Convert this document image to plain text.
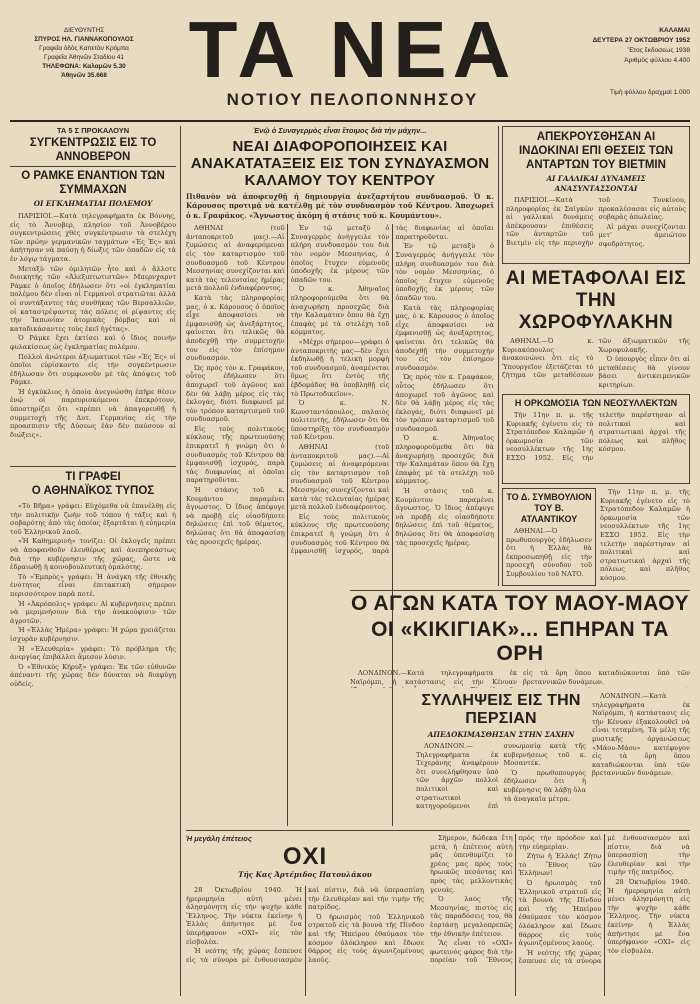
ΔΙΕΥΘΥΝΤΗΣ
ΣΠΥΡΟΣ ΗΛ. ΓΙΑΝΝΑΚΟΠΟΥΛΟΣ
Γραφεῖα ὁδὸς Καπετὰν Κρόμπα
Γραφεῖα Ἀθηνῶν Σταδίου 41
ΤΗΛΕΦΩΝΑ: Καλαμῶν 5.30
Ἀθηνῶν 35.668	ΤΑ ΝΕΑ
ΝΟΤΙΟΥ ΠΕΛΟΠΟΝΝΗΣΟΥ
ΚΑΛΑΜΑΙ
ΔΕΥΤΕΡΑ 27 ΟΚΤΩΒΡΙΟΥ 1952
Ἔτος ἔκδοσεως 1938
Ἀριθμὸς φύλλου 4.400
Τιμὴ φύλλου δραχμαὶ 1.000
ΤΑ 5 Σ ΠΡΟΚΑΛΟΥΝ
ΣΥΓΚΕΝΤΡΩΣΙΣ ΕΙΣ ΤΟ ΑΝΝΟΒΕΡΟΝ
Ο ΡΑΜΚΕ ΕΝΑΝΤΙΟΝ ΤΩΝ ΣΥΜΜΑΧΩΝ
ΟΙ ΕΓΚΛΗΜΑΤΙΑΙ ΠΟΛΕΜΟΥ

ΠΑΡΙΣΙΟΙ.—Κατὰ τηλεγραφήματα ἐκ Βόννης, εἰς τὸ Ἄννοβερ, πλησίον τοῦ Ἀννοβέρου συγκεντρώσεις χθὲς συγκέντρωσιν τὰ στελέχη τῶν πρώην γερμανικῶν ταγμάτων «Ἐς Ἐς» καὶ ἀπήτησαν νὰ παύσῃ ἡ δίωξις τῶν ὀπαδῶν εἰς τὰ ἐν λόγῳ τάγματα.

Μεταξὺ τῶν ὁμιλητῶν ἦτο καὶ ὁ ἄλλοτε διοικητὴς τῶν «Ἀλεξιπτωτιστῶν» Μπερνχαρντ Ράμκε ὁ ὁποῖος ἐδήλωσεν ὅτι «οἱ ἐγκληματίαι πολέμου δὲν εἶναι οἱ Γερμανοὶ στρατιῶται ἀλλὰ οἱ συντάξαντες τὰς συνθήκας τῶν Βερσαλλιῶν, οἱ καταστρέψαντες τὰς πόλεις οἱ ρίψαντες εἰς τὴν Ἰαπωνίαν ἀτομικὰς βόμβας καὶ οἱ καταδικάσαντες τοὺς ἐκεῖ ἡγέτας».

Ὁ Ράμκε ἔχει ἐκτίσει καὶ ὁ ἴδιος ποινὴν φυλακίσεως ὡς ἐγκληματίας πολέμου.

Πολλοὶ ἀνώτεροι ἀξιωματικοὶ τῶν «Ἐς Ἐς» οἱ ὁποῖοι εὑρίσκοντο εἰς τὴν συγκέντρωσιν ἐδήλωσαν ὅτι συμφωνοῦν μὲ τὰς ἀπόψεις τοῦ Ράμκε.

Ἡ ἐγκύκλιος ἡ ὁποία ἀνεγνώσθη ἐπῆρε θέσιν ἐνῴ οἱ παρευρισκόμενοι ἐπεκρότουν, ὑποστηρίζει ὅτι «πρέπει νὰ ἀπαγορευθῇ ἡ συμμετοχὴ τῆς Δυτ. Γερμανίας εἰς τὴν προασπισιν τῆς Δύσεως ἐὰν δὲν παύσουν αἱ διώξεις».

ΤΙ ΓΡΑΦΕΙ
Ο ΑΘΗΝΑΪΚΟΣ ΤΥΠΟΣ

«Τὸ Βῆμα» γράφει: Εὐχόμεθα νὰ ἐπανέλθῃ εἰς τὴν πολιτικὴν ζωὴν τοῦ τόπου ἡ τάξις καὶ ἡ σοβαρότης ἀπὸ τὰς ὁποίας ἐξαρτᾶται ἡ εὐημερία τοῦ Ἑλληνικοῦ λαοῦ.

«Ἡ Καθημερινὴ» τονίζει: Οἱ ἐκλογεῖς πρέπει νὰ ἀποφανθοῦν ἐλευθέρως καὶ ἀνεπηρεάστως διὰ τὴν κυβέρνησιν τῆς χώρας, ὥστε νὰ ἐδραιωθῇ ἡ κοινοβουλευτικὴ ὁμαλότης.

Τὸ «Ἐμπρὸς» γράφει: Ἡ ἀνάγκη τῆς ἐθνικῆς ἑνότητος εἶναι ἐπιτακτικὴ σήμερον περισσότερον παρὰ ποτέ.

Ἡ «Ἀκρόπολις» γράφει: Αἱ κυβερνήσεις πρέπει νὰ μεριμνήσουν διὰ τὴν ἀνακούφισιν τῶν ἀγροτῶν.

Ἡ «Ἑλλὰς Ἡμέρα» γράφει: Ἡ χώρα χρειάζεται ἰσχυρὰν κυβέρνησιν.

Ἡ «Ἐλευθερία» γράφει: Τὸ πρόβλημα τῆς ἀνεργίας ἐπιβάλλει ἄμεσον λύσιν.

Ὁ «Ἐθνικὸς Κήρυξ» γράφει: Ἐκ τῶν εὐθυνῶν ἀπέναντι τῆς χώρας δὲν δύναται νὰ διαφύγῃ οὐδείς.

Ἐνῷ ὁ Συναγερμὸς εἶναι ἕτοιμος διὰ τὴν μάχην...
ΝΕΑΙ ΔΙΑΦΟΡΟΠΟΙΗΣΕΙΣ ΚΑΙ ΑΝΑΚΑΤΑΤΑΞΕΙΣ ΕΙΣ ΤΟΝ ΣΥΝΔΥΑΣΜΟΝ ΚΑΛΑΜΟΥ ΤΟΥ ΚΕΝΤΡΟΥ
Πιθανὸν νὰ ἀποφευχθῇ ἡ δημιουργία ἀνεξαρτήτου συνδυασμοῦ. Ὁ κ. Κάρουσος προτιμᾷ νὰ κατέλθῃ μὲ τὸν συνδυασμὸν τοῦ Κέντρου. Ἀποχωρεῖ ὁ κ. Γραφάκος. «Ἄγνωστος ἀκόμη ἡ στάσις τοῦ κ. Κουμάντου».

ΑΘΗΝΑΙ (τοῦ ἀνταποκριτοῦ μας).—Αἱ ζυμώσεις αἱ ἀναφερόμεναι εἰς τὸν καταρτισμὸν τοῦ συνδυασμοῦ τοῦ Κέντρου Μεσσηνίας συνεχίζονται καὶ κατὰ τὰς τελευταίας ἡμέρας μετὰ πολλοῦ ἐνδιαφέροντος.

Κατὰ τὰς πληροφορίας μας, ὁ κ. Κάρουσος ὁ ὁποῖος εἶχε ἀποφασίσει νὰ ἐμφανισθῇ ὡς ἀνεξάρτητος, φαίνεται ὅτι τελικῶς θὰ ἀποδεχθῇ τὴν συμμετοχήν του εἰς τὸν ἐπίσημον συνδυασμόν.

Ὡς πρὸς τὸν κ. Γραφάκον, οὗτος ἐδήλωσεν ὅτι ἀποχωρεῖ τοῦ ἀγῶνος καὶ δὲν θὰ λάβῃ μέρος εἰς τὰς ἐκλογάς, διότι διαφωνεῖ μὲ τὸν τρόπον καταρτισμοῦ τοῦ συνδυασμοῦ.

Εἰς τοὺς πολιτικοὺς κύκλους τῆς πρωτευούσης ἐπικρατεῖ ἡ γνώμη ὅτι ὁ συνδυασμὸς τοῦ Κέντρου θὰ ἐμφανισθῇ ἰσχυρός, παρὰ τὰς διαφωνίας αἱ ὁποῖαι παρατηροῦνται.

Ἡ στάσις τοῦ κ. Κουμάντου παραμένει ἄγνωστος. Ὁ ἴδιος ἀπέφυγε νὰ προβῇ εἰς οἱασδήποτε δηλώσεις ἐπὶ τοῦ θέματος, δηλώσας ὅτι θὰ ἀποφασίσῃ τὰς προσεχεῖς ἡμέρας.

Ἐν τῷ μεταξὺ ὁ Συναγερμὸς ἀνήγγειλε τὸν πλήρη συνδυασμόν του διὰ τὸν νομὸν Μεσσηνίας, ὁ ὁποῖος ἔτυχεν εὐμενοῦς ὑποδοχῆς ἐκ μέρους τῶν ὀπαδῶν του.

Ὁ κ. Ἀθηναῖος πληροφορούμεθα ὅτι θὰ ἀναχωρήσῃ προσεχῶς διὰ τὴν Καλαμάταν ὅπου θὰ ἔχῃ ἐπαφὰς μὲ τὰ στελέχη τοῦ κόμματος.

«Μέχρι σήμερον—γράφει ὁ ἀνταποκριτής μας—δὲν ἔχει ἐκδηλωθῇ ἡ τελικὴ μορφὴ τοῦ συνδυασμοῦ, ἀναμένεται ὅμως ὅτι ἐντὸς τῆς ἑβδομάδος θὰ ὑποβληθῇ εἰς τὸ Πρωτοδικεῖον».

Ὁ κ. Ν. Κωνσταντόπουλος, παλαιὸς πολιτευτής, ἐδήλωσεν ὅτι θὰ ὑποστηρίξῃ τὸν συνδυασμὸν τοῦ Κέντρου.

ΑΘΗΝΑΙ (τοῦ ἀνταποκριτοῦ μας).—Αἱ ζυμώσεις αἱ ἀναφερόμεναι εἰς τὸν καταρτισμὸν τοῦ συνδυασμοῦ τοῦ Κέντρου Μεσσηνίας συνεχίζονται καὶ κατὰ τὰς τελευταίας ἡμέρας μετὰ πολλοῦ ἐνδιαφέροντος.

Εἰς τοὺς πολιτικοὺς κύκλους τῆς πρωτευούσης ἐπικρατεῖ ἡ γνώμη ὅτι ὁ συνδυασμὸς τοῦ Κέντρου θὰ ἐμφανισθῇ ἰσχυρός, παρὰ τὰς διαφωνίας αἱ ὁποῖαι παρατηροῦνται.

Ἐν τῷ μεταξὺ ὁ Συναγερμὸς ἀνήγγειλε τὸν πλήρη συνδυασμόν του διὰ τὸν νομὸν Μεσσηνίας, ὁ ὁποῖος ἔτυχεν εὐμενοῦς ὑποδοχῆς ἐκ μέρους τῶν ὀπαδῶν του.

Κατὰ τὰς πληροφορίας μας, ὁ κ. Κάρουσος ὁ ὁποῖος εἶχε ἀποφασίσει νὰ ἐμφανισθῇ ὡς ἀνεξάρτητος, φαίνεται ὅτι τελικῶς θὰ ἀποδεχθῇ τὴν συμμετοχήν του εἰς τὸν ἐπίσημον συνδυασμόν.

Ὡς πρὸς τὸν κ. Γραφάκον, οὗτος ἐδήλωσεν ὅτι ἀποχωρεῖ τοῦ ἀγῶνος καὶ δὲν θὰ λάβῃ μέρος εἰς τὰς ἐκλογάς, διότι διαφωνεῖ μὲ τὸν τρόπον καταρτισμοῦ τοῦ συνδυασμοῦ.

Ὁ κ. Ἀθηναῖος πληροφορούμεθα ὅτι θὰ ἀναχωρήσῃ προσεχῶς διὰ τὴν Καλαμάταν ὅπου θὰ ἔχῃ ἐπαφὰς μὲ τὰ στελέχη τοῦ κόμματος.

Ἡ στάσις τοῦ κ. Κουμάντου παραμένει ἄγνωστος. Ὁ ἴδιος ἀπέφυγε νὰ προβῇ εἰς οἱασδήποτε δηλώσεις ἐπὶ τοῦ θέματος, δηλώσας ὅτι θὰ ἀποφασίσῃ τὰς προσεχεῖς ἡμέρας.

ΑΠΕΚΡΟΥΣΘΗΣΑΝ ΑΙ ΙΝΔΟΚΙΝΑΙ ΕΠΙ ΘΕΣΕΙΣ ΤΩΝ ΑΝΤΑΡΤΩΝ ΤΟΥ ΒΙΕΤΜΙΝ
ΑΙ ΓΑΛΛΙΚΑΙ ΔΥΝΑΜΕΙΣ ΑΝΑΣΥΝΤΑΣΣΟΝΤΑΙ

ΠΑΡΙΣΙΟΙ.—Κατὰ πληροφορίας ἐκ Σαϊγκὼν αἱ γαλλικαὶ δυνάμεις ἀπέκρουσαν ἐπιθέσεις τῶν ἀνταρτῶν τοῦ Βιετμὶν εἰς τὴν περιοχὴν τοῦ Τονκίνου, προκαλέσασαι εἰς αὐτοὺς σοβαρὰς ἀπωλείας.

Αἱ μάχαι συνεχίζονται μετ’ ἀμειώτου σφοδρότητος.

ΑΙ ΜΕΤΑΦΟΛΑΙ ΕΙΣ ΤΗΝ ΧΩΡΟΦΥΛΑΚΗΝ

ΑΘΗΝΑΙ.—Ὁ κ. Κυριακόπουλος ἀνακοινώνει ὅτι εἰς τὸ Ὑπουργεῖον ἐξετάζεται τὸ ζήτημα τῶν μεταθέσεων τῶν ἀξιωματικῶν τῆς Χωροφυλακῆς.

Ὁ ὑπουργὸς εἶπεν ὅτι αἱ μεταθέσεις θὰ γίνουν βάσει ἀντικειμενικῶν κριτηρίων.

Η ΟΡΚΩΜΟΣΙΑ ΤΩΝ ΝΕΟΣΥΛΛΕΚΤΩΝ

Τὴν 11ην π. μ. τῆς Κυριακῆς ἐγένετο εἰς τὸ Στρατόπεδον Καλαμῶν ἡ ὁρκωμοσία τῶν νεοσυλλέκτων τῆς 1ης ΕΣΣΟ 1952. Εἰς τὴν τελετὴν παρέστησαν αἱ πολιτικαὶ καὶ στρατιωτικαὶ ἀρχαὶ τῆς πόλεως καὶ πλῆθος κόσμου.

ΤΟ Δ. ΣΥΜΒΟΥΛΙΟΝ ΤΟΥ Β. ΑΤΛΑΝΤΙΚΟΥ

ΑΘΗΝΑΙ.—Ὁ πρωθυπουργὸς ἐδήλωσεν ὅτι ἡ Ἑλλὰς θὰ ἐκπροσωπηθῇ εἰς τὴν προσεχῆ σύνοδον τοῦ Συμβουλίου τοῦ ΝΑΤΟ.

Τὴν 11ην π. μ. τῆς Κυριακῆς ἐγένετο εἰς τὸ Στρατόπεδον Καλαμῶν ἡ ὁρκωμοσία τῶν νεοσυλλέκτων τῆς 1ης ΕΣΣΟ 1952. Εἰς τὴν τελετὴν παρέστησαν αἱ πολιτικαὶ καὶ στρατιωτικαὶ ἀρχαὶ τῆς πόλεως καὶ πλῆθος κόσμου.

Ο ΑΓΩΝ ΚΑΤΑ ΤΟΥ ΜΑΟΥ-ΜΑΟΥ
ΟΙ «ΚΙΚΙΓΙΑΚ»... ΕΠΗΡΑΝ ΤΑ ΟΡΗ

ΛΟΝΔΙΝΟΝ.—Κατὰ τηλεγραφήματα ἐκ Ναϊρόμπι, ἡ κατάστασις εἰς τὴν Κένυαν εἰς τὰ ὄρη ὅπου καταδιώκονται ὑπὸ τῶν βρεταννικῶν δυνάμεων.

ΣΥΛΛΗΨΕΙΣ ΕΙΣ ΤΗΝ ΠΕΡΣΙΑΝ
ΑΠΕΔΟΚΙΜΑΣΘΗΣΑΝ ΣΤΗΝ ΣΑΧΗΝ

ΛΟΝΔΙΝΟΝ.—Τηλεγραφήματα ἐκ Τεχεράνης ἀναφέρουν ὅτι συνελήφθησαν ὑπὸ τῶν ἀρχῶν πολλοὶ πολιτικοὶ καὶ στρατιωτικοὶ κατηγορούμενοι ἐπὶ συνωμοσίᾳ κατὰ τῆς κυβερνήσεως τοῦ κ. Μοσαντέκ.

Ὁ πρωθυπουργὸς ἐδήλωσεν ὅτι ἡ κυβέρνησις θὰ λάβῃ ὅλα τὰ ἀναγκαῖα μέτρα.

ΛΟΝΔΙΝΟΝ.—Κατὰ τηλεγραφήματα ἐκ Ναϊρόμπι, ἡ κατάστασις εἰς τὴν Κένυαν ἐξακολουθεῖ νὰ εἶναι τεταμένη. Τὰ μέλη τῆς μυστικῆς ὀργανώσεως «Μάου-Μάου» κατέφυγον εἰς τὰ ὄρη ὅπου καταδιώκονται ὑπὸ τῶν βρεταννικῶν δυνάμεων.

Ἡ μεγάλη ἐπέτειος
ΟΧΙ
Τῆς Κας Ἀρτέμιδος Πατουλάκου

28 Ὀκτωβρίου 1940. Ἡ ἡμερομηνία αὐτὴ μένει ἀλησμόνητη εἰς τὴν ψυχὴν κάθε Ἕλληνος. Τὴν νύκτα ἐκείνην ἡ Ἑλλὰς ἀπήντησε μὲ ἕνα ὑπερήφανον «ΟΧΙ» εἰς τὸν εἰσβολέα.

Ἡ νεότης τῆς χώρας ἔσπευσε εἰς τὰ σύνορα μὲ ἐνθουσιασμὸν καὶ πίστιν, διὰ νὰ ὑπερασπίσῃ τὴν ἐλευθερίαν καὶ τὴν τιμὴν τῆς πατρίδος.

Ὁ ἡρωισμὸς τοῦ Ἑλληνικοῦ στρατοῦ εἰς τὰ βουνὰ τῆς Πίνδου καὶ τῆς Ἠπείρου ἐθαύμασε τὸν κόσμον ὁλόκληρον καὶ ἔδωσε θάρρος εἰς τοὺς ἀγωνιζομένους λαούς.

Σήμερον, δώδεκα ἔτη μετά, ἡ ἐπέτειος αὐτὴ μᾶς ὑπενθυμίζει τὸ χρέος μας πρὸς τοὺς ἡρωικῶς πεσόντας καὶ πρὸς τὰς μελλοντικὰς γενεάς.

Ὁ λαὸς τῆς Μεσσηνίας, πιστὸς εἰς τὰς παραδόσεις του, θὰ ἑορτάσῃ μεγαλοπρεπῶς τὴν ἐθνικὴν ἐπέτειον.

Ἂς εἶναι τὸ «ΟΧΙ» φωτεινὸς φάρος διὰ τὴν πορείαν τοῦ Ἔθνους πρὸς τὴν πρόοδον καὶ τὴν εὐημερίαν.

Ζήτω ἡ Ἑλλάς! Ζήτω τὸ Ἔθνος τῶν Ἑλλήνων!

Ὁ ἡρωισμὸς τοῦ Ἑλληνικοῦ στρατοῦ εἰς τὰ βουνὰ τῆς Πίνδου καὶ τῆς Ἠπείρου ἐθαύμασε τὸν κόσμον ὁλόκληρον καὶ ἔδωσε θάρρος εἰς τοὺς ἀγωνιζομένους λαούς.

Ἡ νεότης τῆς χώρας ἔσπευσε εἰς τὰ σύνορα μὲ ἐνθουσιασμὸν καὶ πίστιν, διὰ νὰ ὑπερασπίσῃ τὴν ἐλευθερίαν καὶ τὴν τιμὴν τῆς πατρίδος.

28 Ὀκτωβρίου 1940. Ἡ ἡμερομηνία αὐτὴ μένει ἀλησμόνητη εἰς τὴν ψυχὴν κάθε Ἕλληνος. Τὴν νύκτα ἐκείνην ἡ Ἑλλὰς ἀπήντησε μὲ ἕνα ὑπερήφανον «ΟΧΙ» εἰς τὸν εἰσβολέα.
